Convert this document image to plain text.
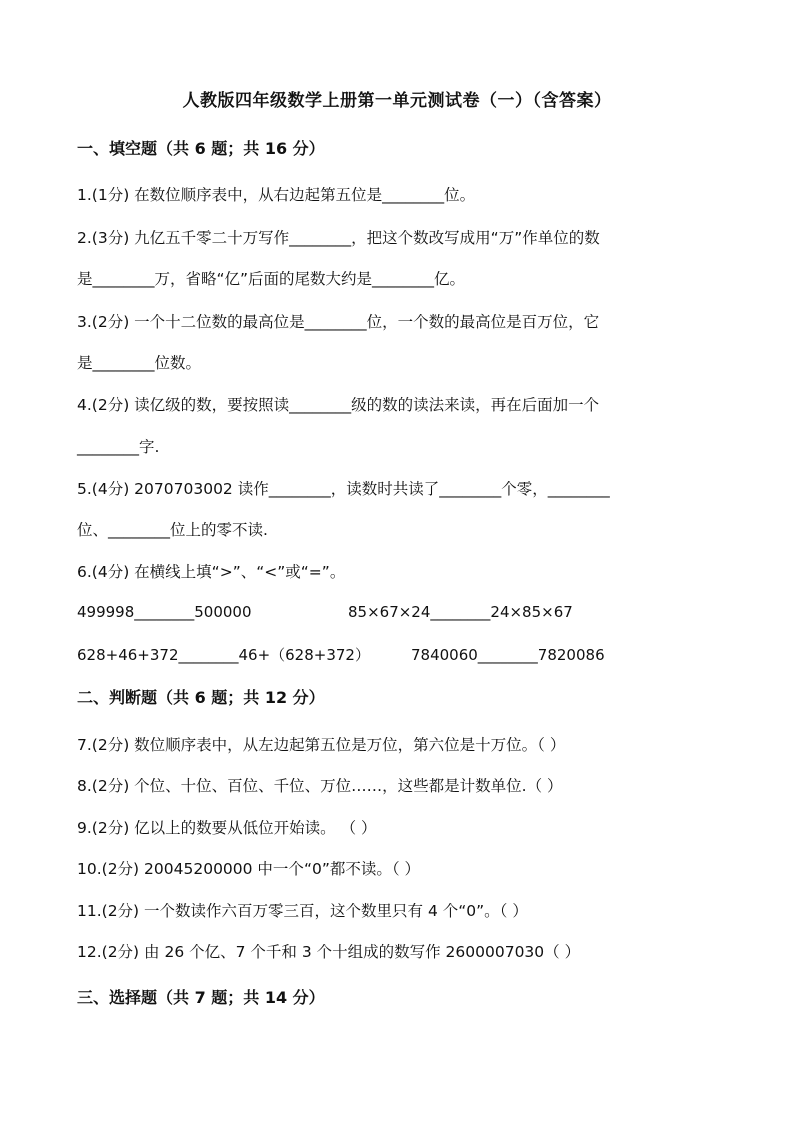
人教版四年级数学上册第一单元测试卷（一）（含答案）
一、填空题（共 6 题；共 16 分）
1.(1分) 在数位顺序表中，从右边起第五位是________位。
2.(3分) 九亿五千零二十万写作________，把这个数改写成用“万”作单位的数
是________万，省略“亿”后面的尾数大约是________亿。
3.(2分) 一个十二位数的最高位是________位，一个数的最高位是百万位，它
是________位数。
4.(2分) 读亿级的数，要按照读________级的数的读法来读，再在后面加一个
________字.
5.(4分) 2070703002 读作________，读数时共读了________个零，________
位、________位上的零不读.
6.(4分) 在横线上填“>”、“<”或“=”。
499998________500000	85×67×24________24×85×67
628+46+372________46+（628+372）	7840060________7820086
二、判断题（共 6 题；共 12 分）
7.(2分) 数位顺序表中，从左边起第五位是万位，第六位是十万位。（ ）
8.(2分) 个位、十位、百位、千位、万位……，这些都是计数单位.（ ）
9.(2分) 亿以上的数要从低位开始读。 （ ）
10.(2分) 20045200000 中一个“0”都不读。（ ）
11.(2分) 一个数读作六百万零三百，这个数里只有 4 个“0”。（ ）
12.(2分) 由 26 个亿、7 个千和 3 个十组成的数写作 2600007030（ ）
三、选择题（共 7 题；共 14 分）
